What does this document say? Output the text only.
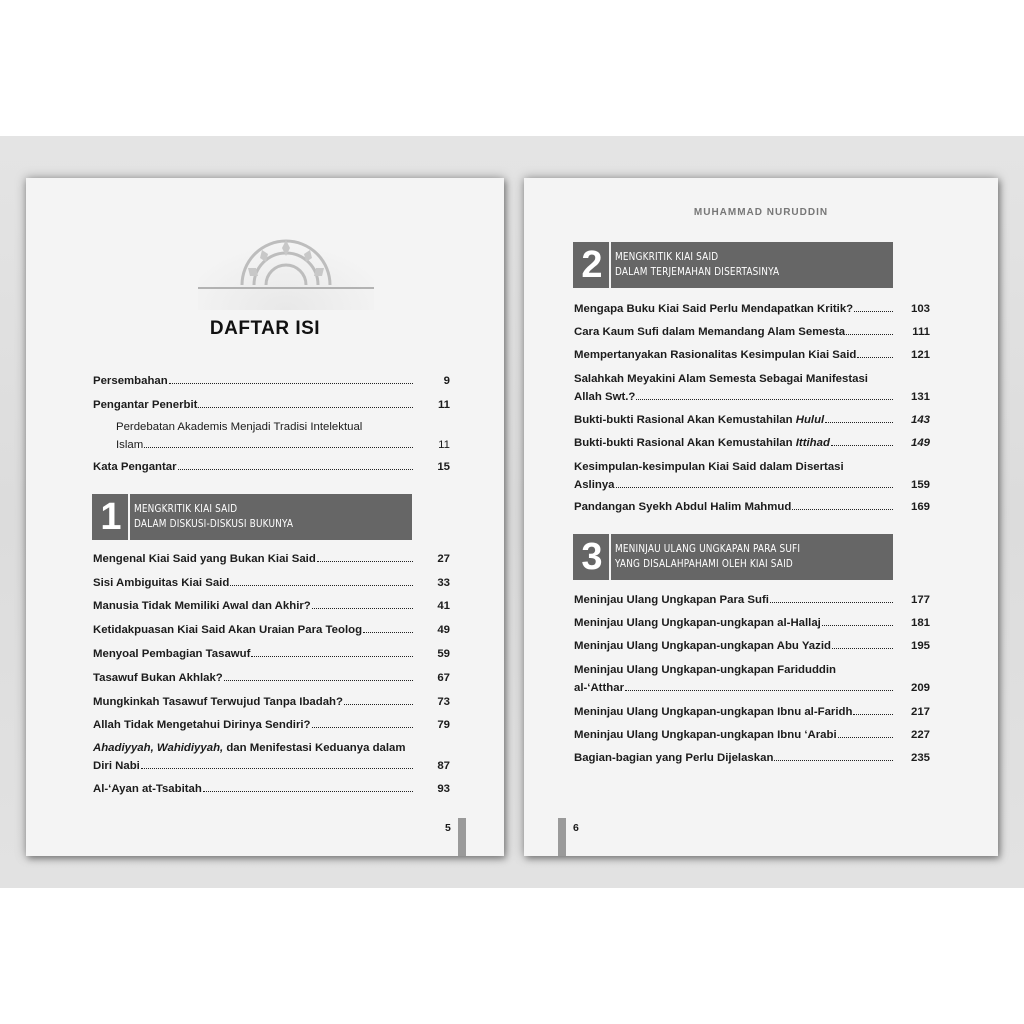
DAFTAR ISI
Persembahan	9
Pengantar Penerbit	11
Perdebatan Akademis Menjadi Tradisi Intelektual
Islam	11
Kata Pengantar	15
1	MENGKRITIK KIAI SAID
DALAM DISKUSI-DISKUSI BUKUNYA
Mengenal Kiai Said yang Bukan Kiai Said	27
Sisi Ambiguitas Kiai Said	33
Manusia Tidak Memiliki Awal dan Akhir?	41
Ketidakpuasan Kiai Said Akan Uraian Para Teolog	49
Menyoal Pembagian Tasawuf	59
Tasawuf Bukan Akhlak?	67
Mungkinkah Tasawuf Terwujud Tanpa Ibadah?	73
Allah Tidak Mengetahui Dirinya Sendiri?	79
Ahadiyyah, Wahidiyyah, dan Menifestasi Keduanya dalam
Diri Nabi	87
Al-‘Ayan at-Tsabitah	93
5
MUHAMMAD NURUDDIN
2	MENGKRITIK KIAI SAID
DALAM TERJEMAHAN DISERTASINYA
Mengapa Buku Kiai Said Perlu Mendapatkan Kritik?	103
Cara Kaum Sufi dalam Memandang Alam Semesta	111
Mempertanyakan Rasionalitas Kesimpulan Kiai Said	121
Salahkah Meyakini Alam Semesta Sebagai Manifestasi
Allah Swt.?	131
Bukti-bukti Rasional Akan Kemustahilan Hulul	143
Bukti-bukti Rasional Akan Kemustahilan Ittihad	149
Kesimpulan-kesimpulan Kiai Said dalam Disertasi
Aslinya	159
Pandangan Syekh Abdul Halim Mahmud	169
3	MENINJAU ULANG UNGKAPAN PARA SUFI
YANG DISALAHPAHAMI OLEH KIAI SAID
Meninjau Ulang Ungkapan Para Sufi	177
Meninjau Ulang Ungkapan-ungkapan al-Hallaj	181
Meninjau Ulang Ungkapan-ungkapan Abu Yazid	195
Meninjau Ulang Ungkapan-ungkapan Fariduddin
al-‘Atthar	209
Meninjau Ulang Ungkapan-ungkapan Ibnu al-Faridh	217
Meninjau Ulang Ungkapan-ungkapan Ibnu ‘Arabi	227
Bagian-bagian yang Perlu Dijelaskan	235
6
